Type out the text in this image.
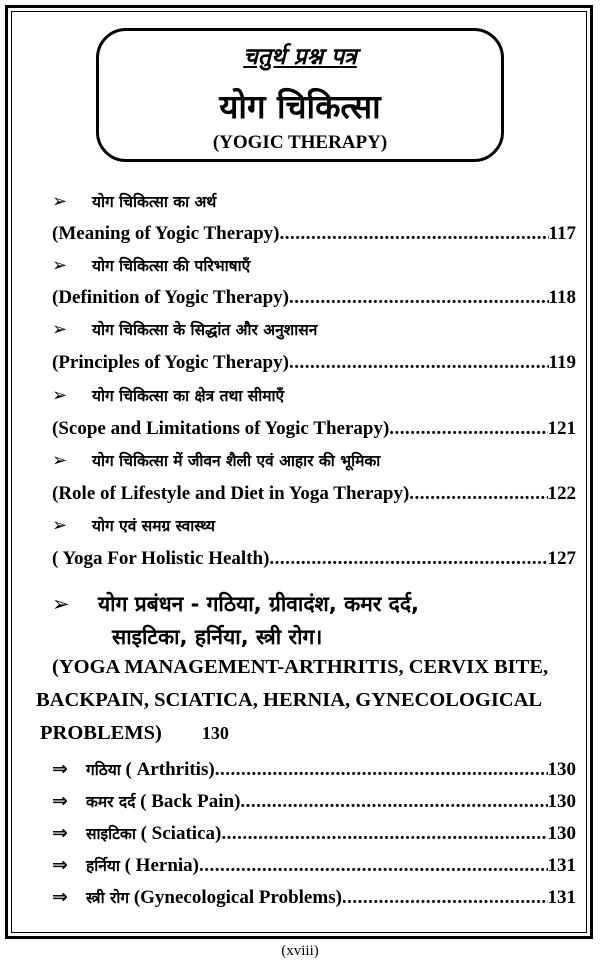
चतुर्थ प्रश्न पत्र
योग चिकित्सा
(YOGIC THERAPY)
➢ योग चिकित्सा का अर्थ
(Meaning of Yogic Therapy) .....	117
➢ योग चिकित्सा की परिभाषाएँ
(Definition of Yogic Therapy) .....	118
➢ योग चिकित्सा के सिद्धांत और अनुशासन
(Principles of Yogic Therapy) .....	119
➢ योग चिकित्सा का क्षेत्र तथा सीमाएँ
(Scope and Limitations of Yogic Therapy) .....	121
➢ योग चिकित्सा में जीवन शैली एवं आहार की भूमिका
(Role of Lifestyle and Diet in Yoga Therapy) .....	122
➢ योग एवं समग्र स्वास्थ्य
( Yoga For Holistic Health) .....	127
➢ योग प्रबंधन - गठिया, ग्रीवादंश, कमर दर्द,
साइटिका, हर्निया, स्त्री रोग।
(YOGA MANAGEMENT-ARTHRITIS, CERVIX BITE,
BACKPAIN, SCIATICA, HERNIA, GYNECOLOGICAL
PROBLEMS) 130
⇒ गठिया ( Arthritis) .....	130
⇒ कमर दर्द ( Back Pain) .....	130
⇒ साइटिका ( Sciatica) .....	130
⇒ हर्निया ( Hernia) .....	131
⇒ स्त्री रोग (Gynecological Problems) .....	131
(xviii)
